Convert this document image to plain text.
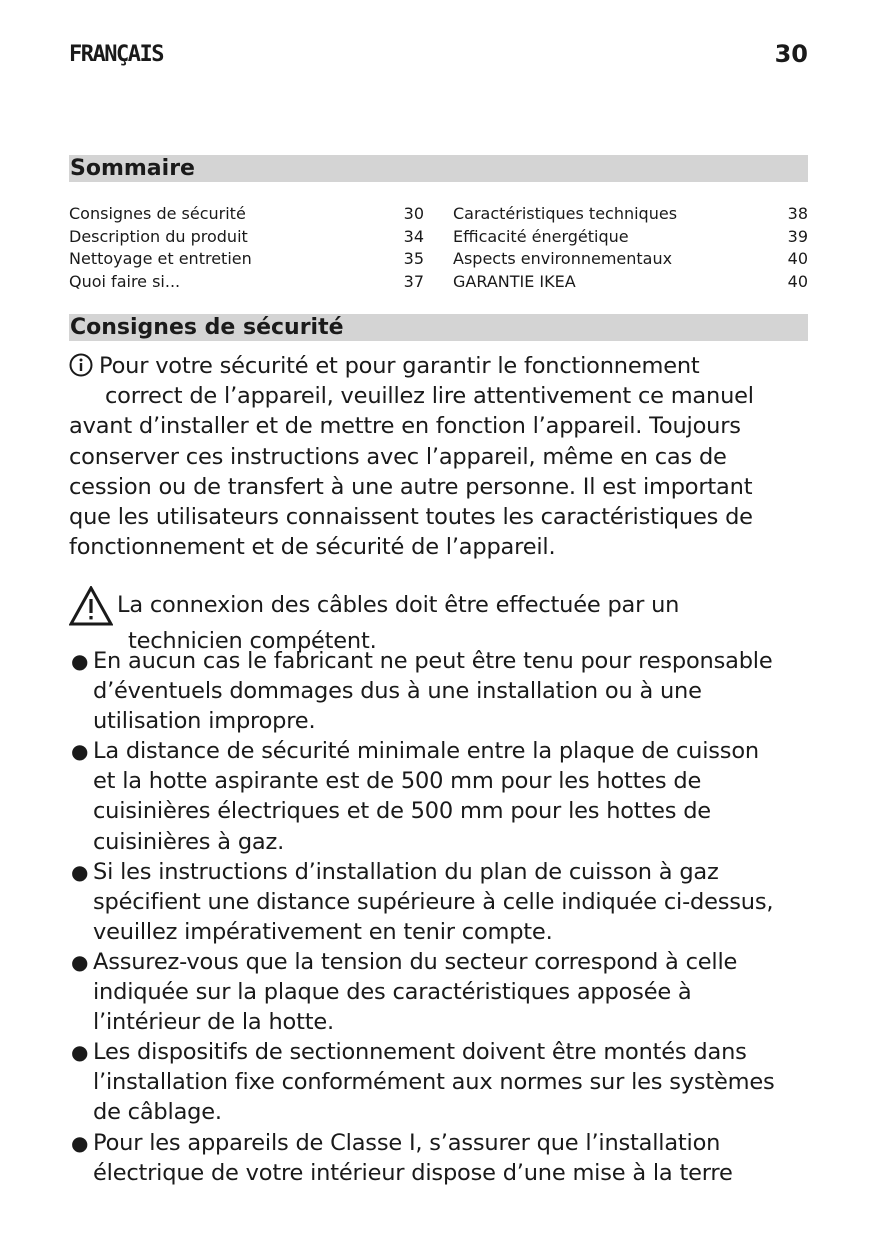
FRANÇAIS	30
Sommaire
Consignes de sécurité	30
Description du produit	34
Nettoyage et entretien	35
Quoi faire si...	37
Caractéristiques techniques	38
Efficacité énergétique	39
Aspects environnementaux	40
GARANTIE IKEA	40
Consignes de sécurité
Pour votre sécurité et pour garantir le fonctionnement
correct de l’appareil, veuillez lire attentivement ce manuel
avant d’installer et de mettre en fonction l’appareil. Toujours
conserver ces instructions avec l’appareil, même en cas de
cession ou de transfert à une autre personne. Il est important
que les utilisateurs connaissent toutes les caractéristiques de
fonctionnement et de sécurité de l’appareil.
La connexion des câbles doit être effectuée par un
technicien compétent.
● En aucun cas le fabricant ne peut être tenu pour responsable
d’éventuels dommages dus à une installation ou à une
utilisation impropre.
● La distance de sécurité minimale entre la plaque de cuisson
et la hotte aspirante est de 500 mm pour les hottes de
cuisinières électriques et de 500 mm pour les hottes de
cuisinières à gaz.
● Si les instructions d’installation du plan de cuisson à gaz
spécifient une distance supérieure à celle indiquée ci-dessus,
veuillez impérativement en tenir compte.
● Assurez-vous que la tension du secteur correspond à celle
indiquée sur la plaque des caractéristiques apposée à
l’intérieur de la hotte.
● Les dispositifs de sectionnement doivent être montés dans
l’installation fixe conformément aux normes sur les systèmes
de câblage.
● Pour les appareils de Classe I, s’assurer que l’installation
électrique de votre intérieur dispose d’une mise à la terre
